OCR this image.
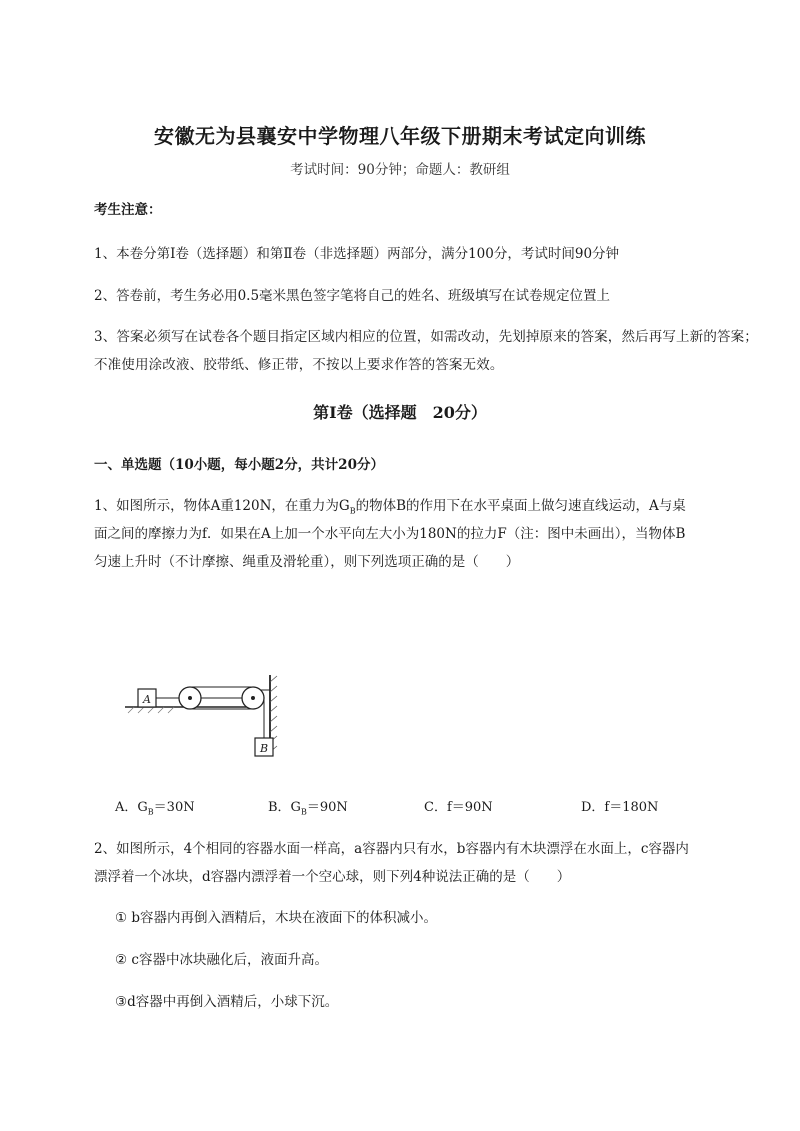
安徽无为县襄安中学物理八年级下册期末考试定向训练
考试时间：90分钟；命题人：教研组
考生注意：
1、本卷分第I卷（选择题）和第Ⅱ卷（非选择题）两部分，满分100分，考试时间90分钟
2、答卷前，考生务必用0.5毫米黑色签字笔将自己的姓名、班级填写在试卷规定位置上
3、答案必须写在试卷各个题目指定区域内相应的位置，如需改动，先划掉原来的答案，然后再写上新的答案；不准使用涂改液、胶带纸、修正带，不按以上要求作答的答案无效。
第I卷（选择题　20分）
一、单选题（10小题，每小题2分，共计20分）
1、如图所示，物体A重120N，在重力为$G_B$的物体B的作用下在水平桌面上做匀速直线运动，A与桌
面之间的摩擦力为f．如果在A上加一个水平向左大小为180N的拉力F（注：图中未画出），当物体B
匀速上升时（不计摩擦、绳重及滑轮重），则下列选项正确的是（　　）
A
B
A．$G_B=30N$	B．$G_B=90N$	C．f＝90N	D．f＝180N
2、如图所示，4个相同的容器水面一样高，a容器内只有水，b容器内有木块漂浮在水面上，c容器内
漂浮着一个冰块，d容器内漂浮着一个空心球，则下列4种说法正确的是（　　）
① b容器内再倒入酒精后，木块在液面下的体积减小。
② c容器中冰块融化后，液面升高。
③d容器中再倒入酒精后，小球下沉。
